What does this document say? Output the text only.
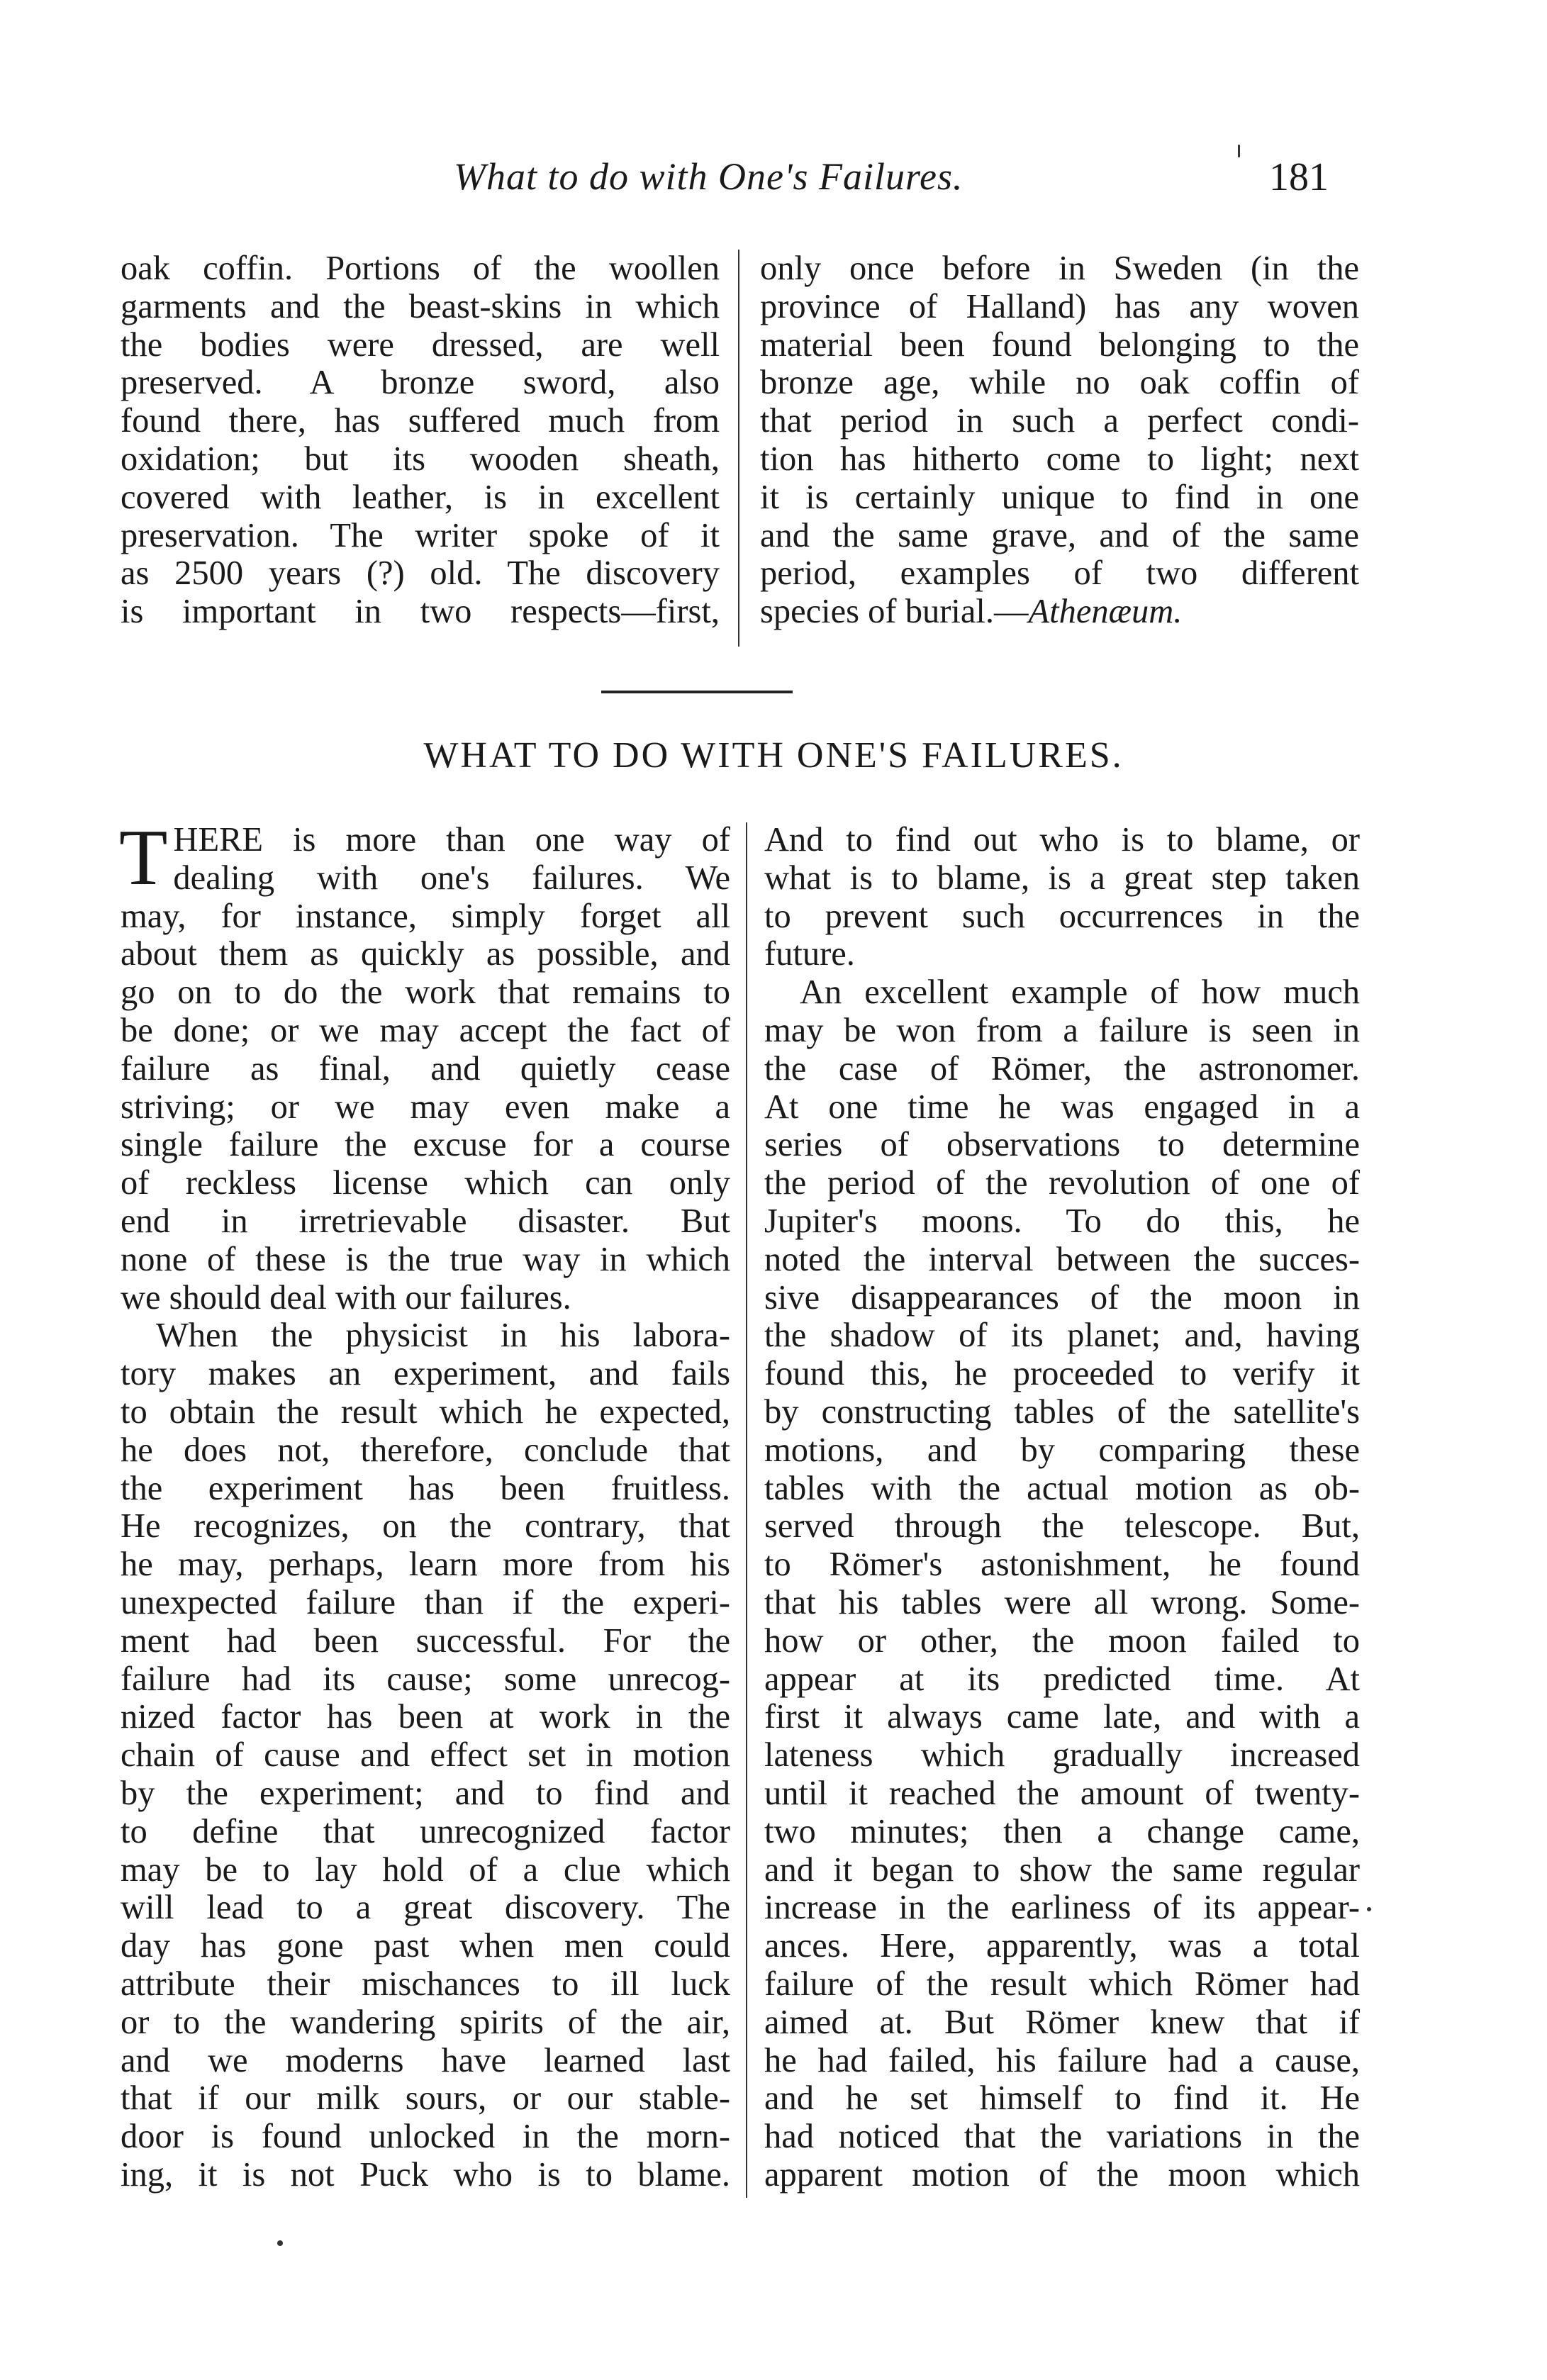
What to do with One's Failures.	181
oak coffin. Portions of the woollen
garments and the beast-skins in which
the bodies were dressed, are well
preserved. A bronze sword, also
found there, has suffered much from
oxidation; but its wooden sheath,
covered with leather, is in excellent
preservation. The writer spoke of it
as 2500 years (?) old. The discovery
is important in two respects—first,
only once before in Sweden (in the
province of Halland) has any woven
material been found belonging to the
bronze age, while no oak coffin of
that period in such a perfect condi-
tion has hitherto come to light; next
it is certainly unique to find in one
and the same grave, and of the same
period, examples of two different
species of burial.—Athenæum.
WHAT TO DO WITH ONE'S FAILURES.
T HERE is more than one way of
dealing with one's failures. We
may, for instance, simply forget all
about them as quickly as possible, and
go on to do the work that remains to
be done; or we may accept the fact of
failure as final, and quietly cease
striving; or we may even make a
single failure the excuse for a course
of reckless license which can only
end in irretrievable disaster. But
none of these is the true way in which
we should deal with our failures.
When the physicist in his labora-
tory makes an experiment, and fails
to obtain the result which he expected,
he does not, therefore, conclude that
the experiment has been fruitless.
He recognizes, on the contrary, that
he may, perhaps, learn more from his
unexpected failure than if the experi-
ment had been successful. For the
failure had its cause; some unrecog-
nized factor has been at work in the
chain of cause and effect set in motion
by the experiment; and to find and
to define that unrecognized factor
may be to lay hold of a clue which
will lead to a great discovery. The
day has gone past when men could
attribute their mischances to ill luck
or to the wandering spirits of the air,
and we moderns have learned last
that if our milk sours, or our stable-
door is found unlocked in the morn-
ing, it is not Puck who is to blame.
And to find out who is to blame, or
what is to blame, is a great step taken
to prevent such occurrences in the
future.
An excellent example of how much
may be won from a failure is seen in
the case of Römer, the astronomer.
At one time he was engaged in a
series of observations to determine
the period of the revolution of one of
Jupiter's moons. To do this, he
noted the interval between the succes-
sive disappearances of the moon in
the shadow of its planet; and, having
found this, he proceeded to verify it
by constructing tables of the satellite's
motions, and by comparing these
tables with the actual motion as ob-
served through the telescope. But,
to Römer's astonishment, he found
that his tables were all wrong. Some-
how or other, the moon failed to
appear at its predicted time. At
first it always came late, and with a
lateness which gradually increased
until it reached the amount of twenty-
two minutes; then a change came,
and it began to show the same regular
increase in the earliness of its appear-
ances. Here, apparently, was a total
failure of the result which Römer had
aimed at. But Römer knew that if
he had failed, his failure had a cause,
and he set himself to find it. He
had noticed that the variations in the
apparent motion of the moon which
